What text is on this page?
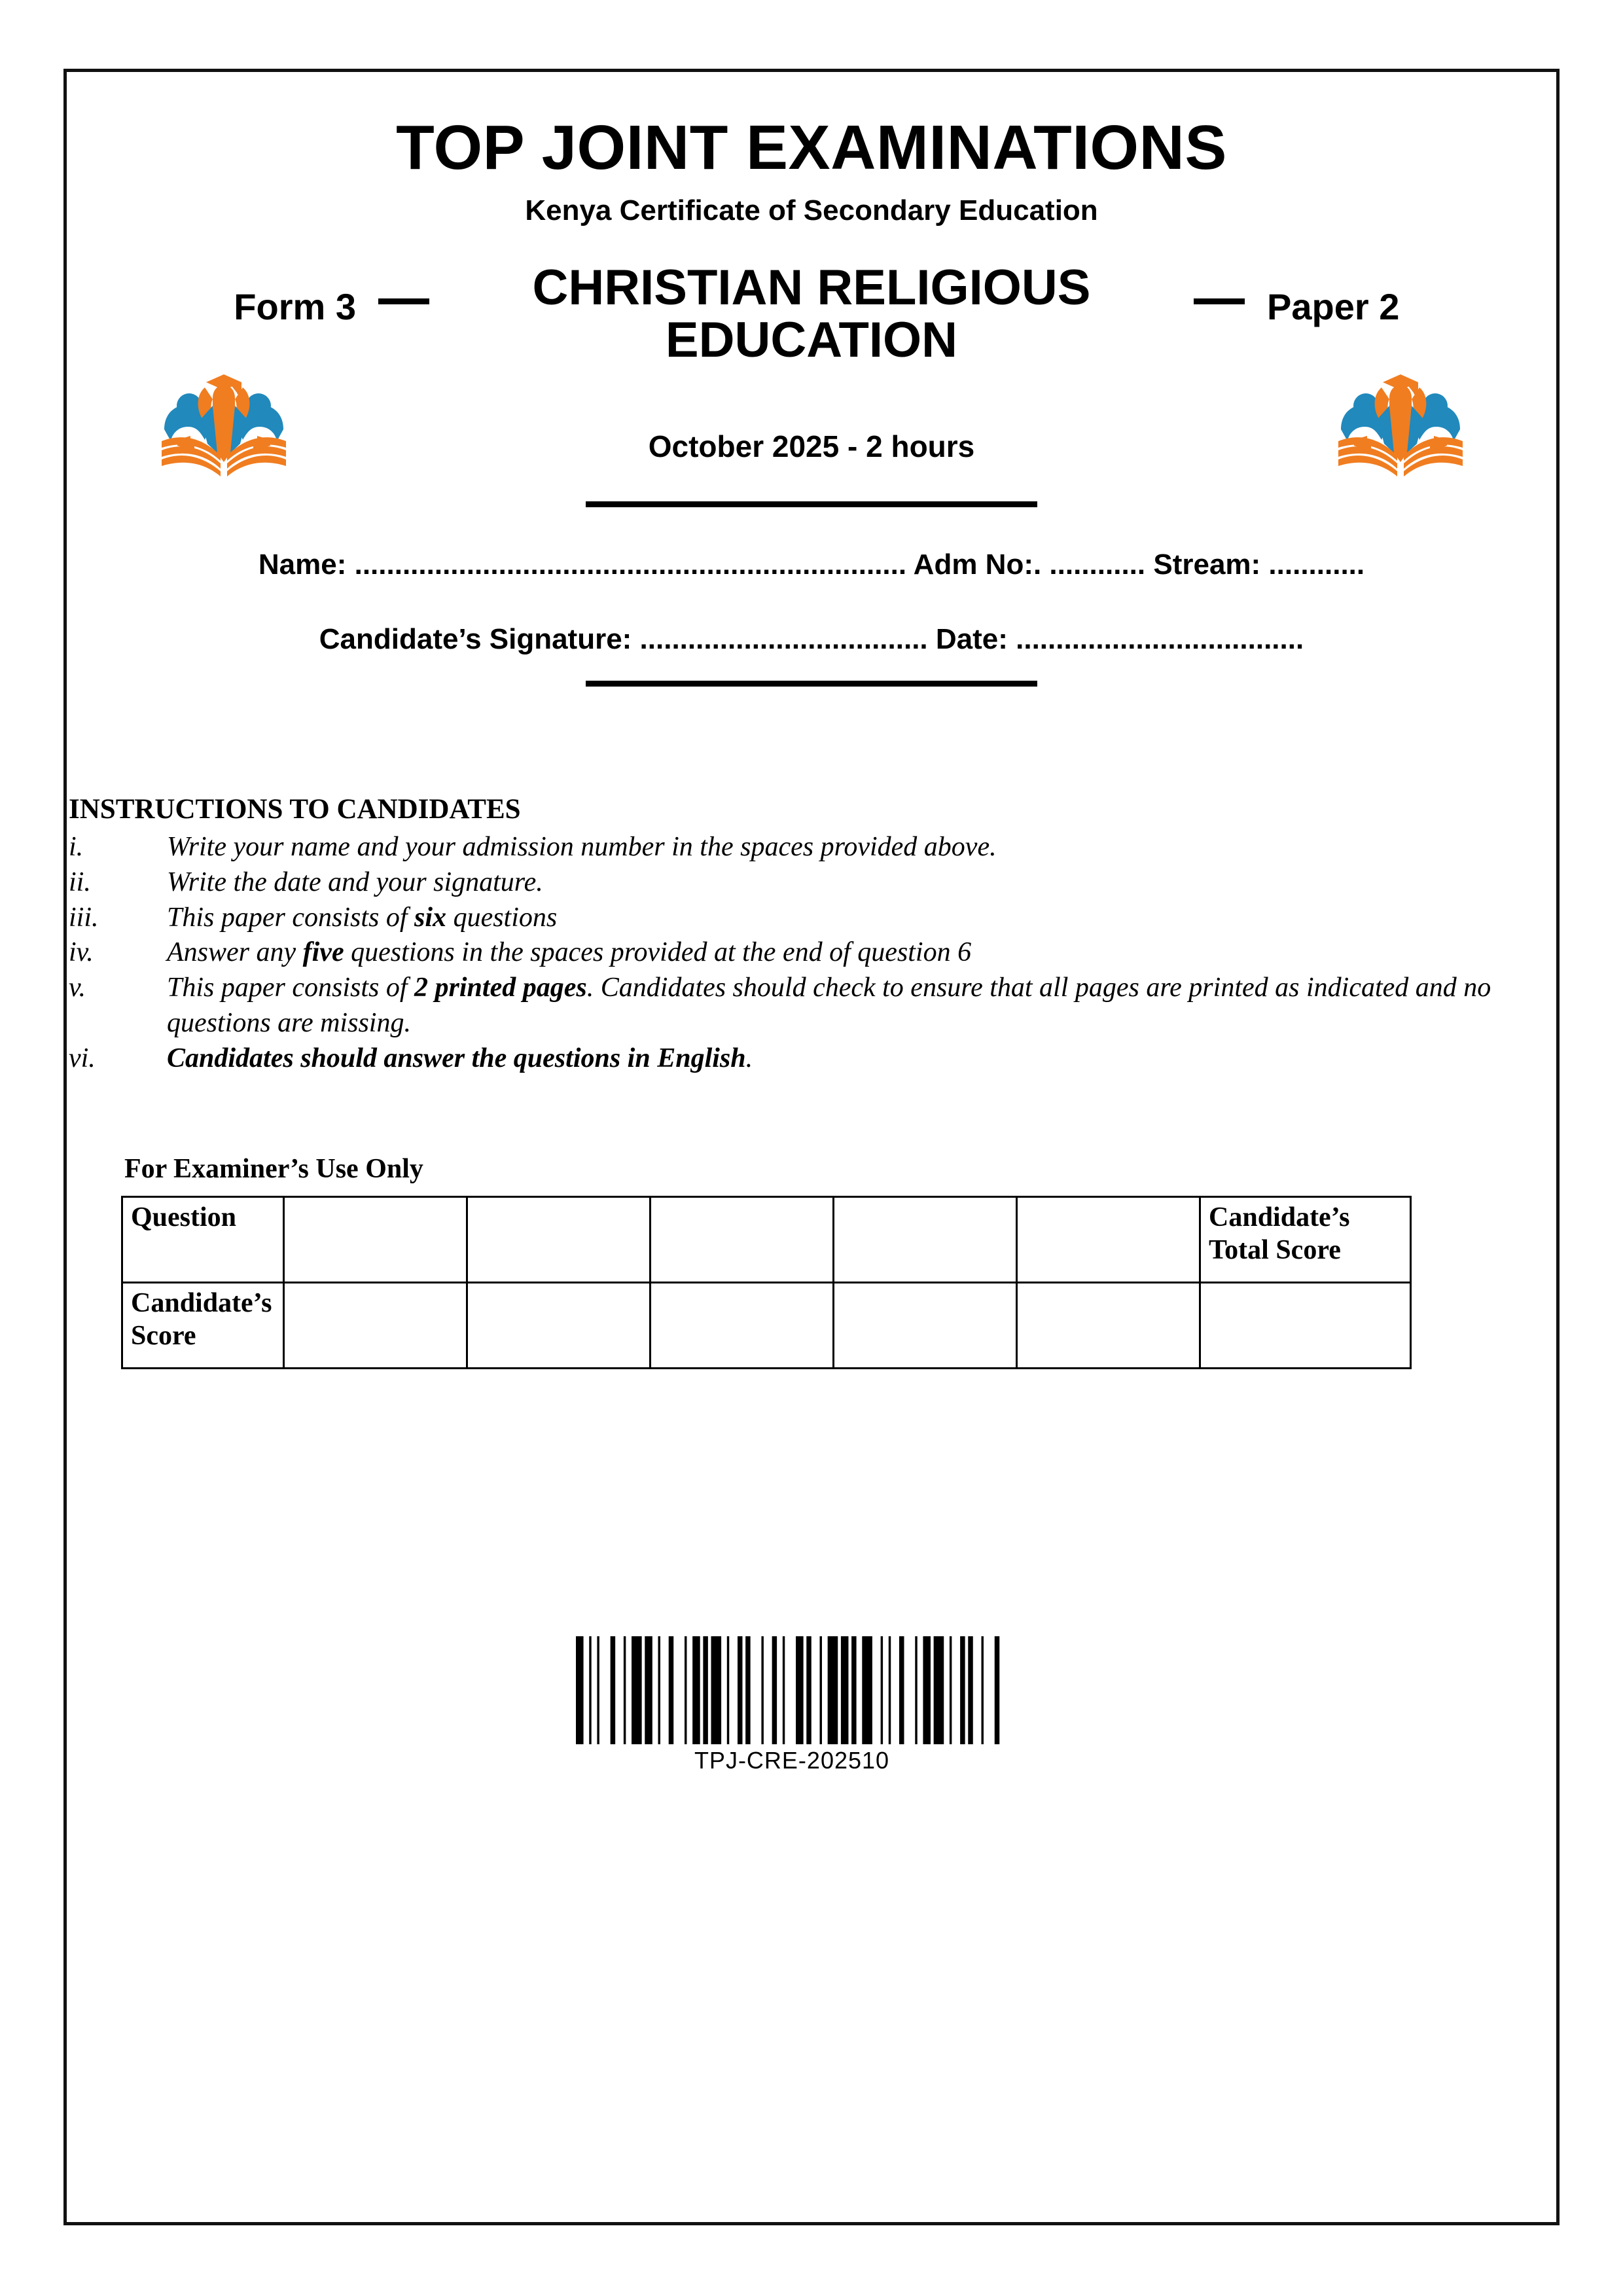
TOP JOINT EXAMINATIONS
Kenya Certificate of Secondary Education
Form 3	CHRISTIAN RELIGIOUS EDUCATION
Paper 2
October 2025 - 2 hours
Name: ..................................................................... Adm No:. ............ Stream: ............
Candidate’s Signature: .................................... Date: ....................................
INSTRUCTIONS TO CANDIDATES
i.	Write your name and your admission number in the spaces provided above.
ii.	Write the date and your signature.
iii.	This paper consists of six questions
iv.	Answer any five questions in the spaces provided at the end of question 6
v.	This paper consists of 2 printed pages. Candidates should check to ensure that all pages are printed as indicated and no questions are missing.
vi.	Candidates should answer the questions in English.
For Examiner’s Use Only
Question						Candidate’s Total Score
Candidate’s Score						
TPJ-CRE-202510
